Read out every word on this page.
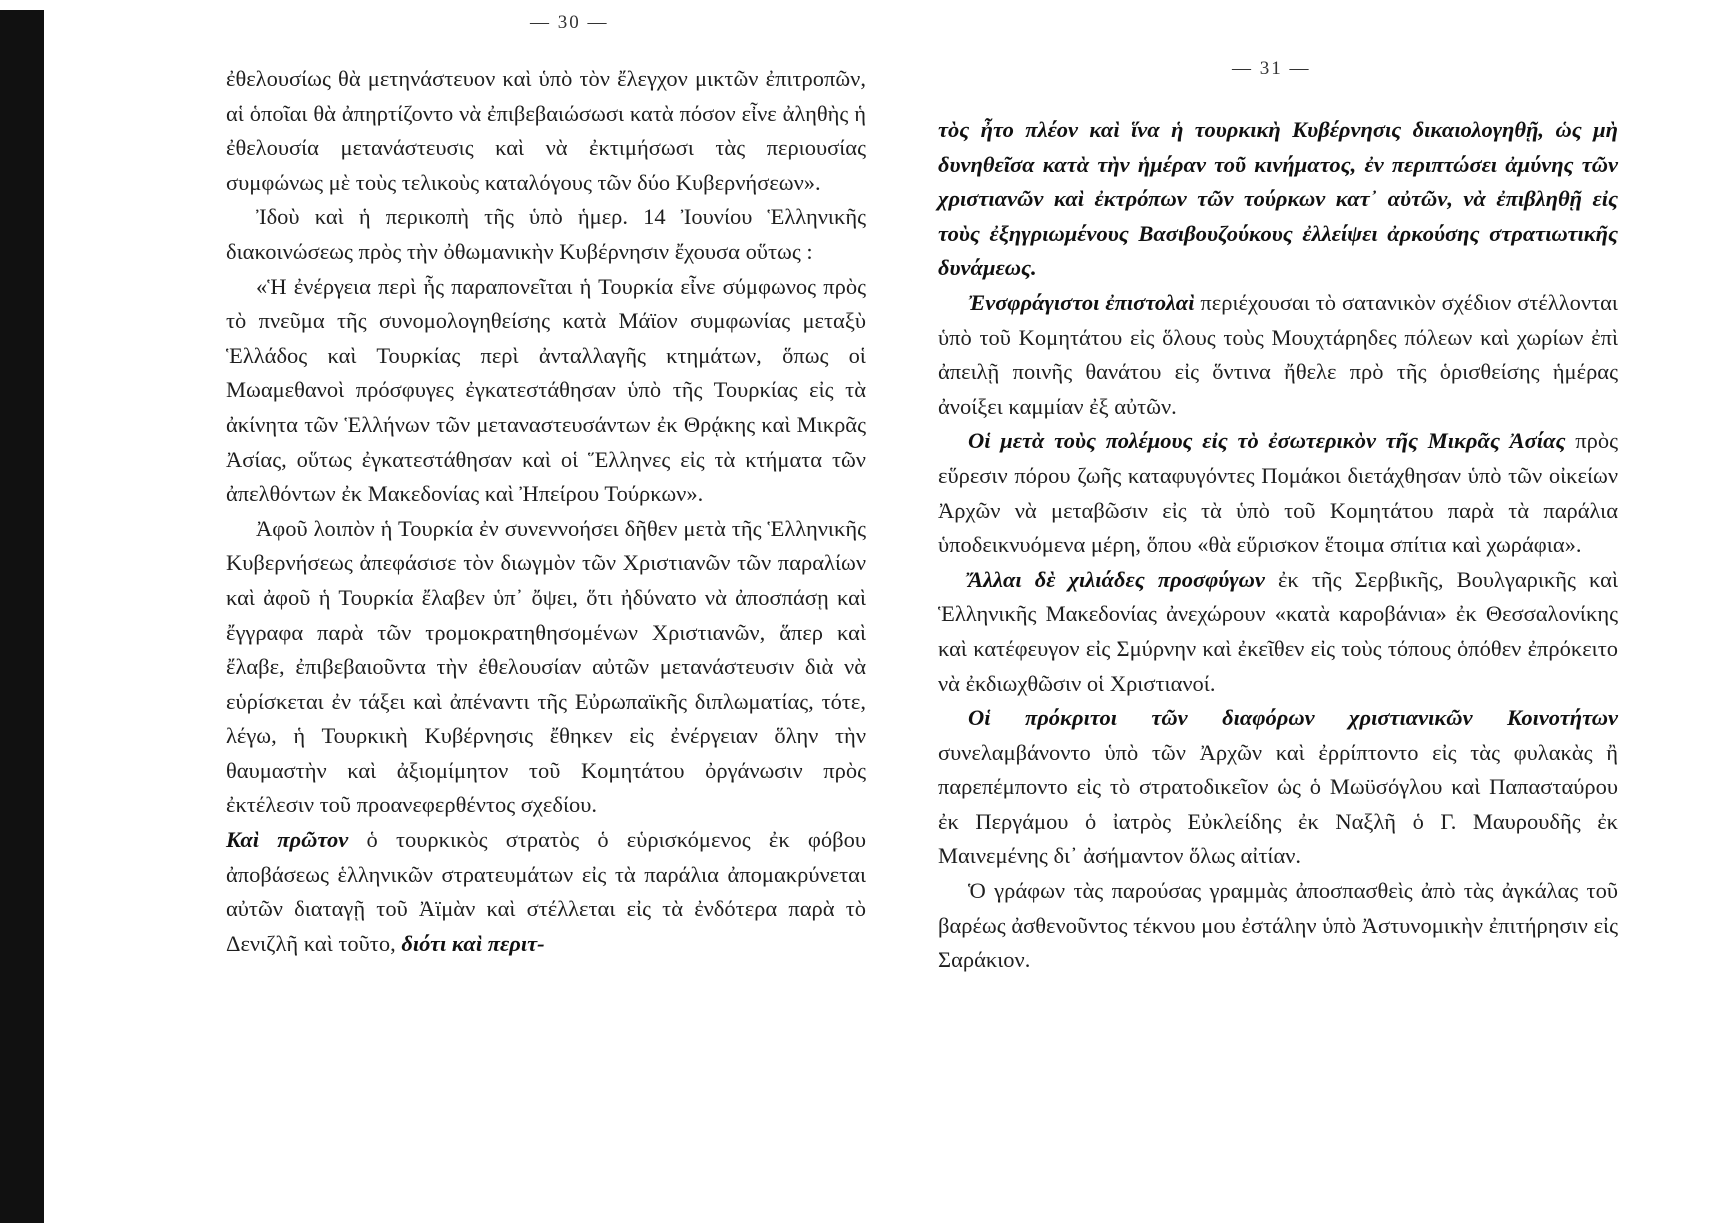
— 30 —
— 31 —

ἐθελουσίως θὰ μετηνάστευον καὶ ὑπὸ τὸν ἔλεγχον μικτῶν ἐπιτροπῶν, αἱ ὁποῖαι θὰ ἀπηρτίζοντο νὰ ἐπιβεβαιώσωσι κατὰ πόσον εἶνε ἀληθὴς ἡ ἐθελουσία μετανάστευσις καὶ νὰ ἐκτιμήσωσι τὰς περιουσίας συμφώνως μὲ τοὺς τελικοὺς καταλόγους τῶν δύο Κυβερνήσεων».

Ἰδοὺ καὶ ἡ περικοπὴ τῆς ὑπὸ ἡμερ. 14 Ἰουνίου Ἑλληνικῆς διακοινώσεως πρὸς τὴν ὀθωμανικὴν Κυβέρνησιν ἔχουσα οὕτως :

«Ἡ ἐνέργεια περὶ ἧς παραπονεῖται ἡ Τουρκία εἶνε σύμφωνος πρὸς τὸ πνεῦμα τῆς συνομολογηθείσης κατὰ Μάϊον συμφωνίας μεταξὺ Ἑλλάδος καὶ Τουρκίας περὶ ἀνταλλαγῆς κτημάτων, ὅπως οἱ Μωαμεθανοὶ πρόσφυγες ἐγκατεστάθησαν ὑπὸ τῆς Τουρκίας εἰς τὰ ἀκίνητα τῶν Ἑλλήνων τῶν μεταναστευσάντων ἐκ Θρᾴκης καὶ Μικρᾶς Ἀσίας, οὕτως ἐγκατεστάθησαν καὶ οἱ Ἕλληνες εἰς τὰ κτήματα τῶν ἀπελθόντων ἐκ Μακεδονίας καὶ Ἠπείρου Τούρκων».

Ἀφοῦ λοιπὸν ἡ Τουρκία ἐν συνεννοήσει δῆθεν μετὰ τῆς Ἑλληνικῆς Κυβερνήσεως ἀπεφάσισε τὸν διωγμὸν τῶν Χριστιανῶν τῶν παραλίων καὶ ἀφοῦ ἡ Τουρκία ἔλαβεν ὑπ᾿ ὄψει, ὅτι ἠδύνατο νὰ ἀποσπάσῃ καὶ ἔγγραφα παρὰ τῶν τρομοκρατηθησομένων Χριστιανῶν, ἅπερ καὶ ἔλαβε, ἐπιβεβαιοῦντα τὴν ἐθελουσίαν αὐτῶν μετανάστευσιν διὰ νὰ εὑρίσκεται ἐν τάξει καὶ ἀπέναντι τῆς Εὐρωπαϊκῆς διπλωματίας, τότε, λέγω, ἡ Τουρκικὴ Κυβέρνησις ἔθηκεν εἰς ἐνέργειαν ὅλην τὴν θαυμαστὴν καὶ ἀξιομίμητον τοῦ Κομητάτου ὀργάνωσιν πρὸς ἐκτέλεσιν τοῦ προανεφερθέντος σχεδίου.

Καὶ πρῶτον ὁ τουρκικὸς στρατὸς ὁ εὑρισκόμενος ἐκ φόβου ἀποβάσεως ἑλληνικῶν στρατευμάτων εἰς τὰ παράλια ἀπομακρύνεται αὐτῶν διαταγῇ τοῦ Ἀϊμὰν καὶ στέλλεται εἰς τὰ ἐνδότερα παρὰ τὸ Δενιζλῆ καὶ τοῦτο, διότι καὶ περιτ-

τὸς ἦτο πλέον καὶ ἵνα ἡ τουρκικὴ Κυβέρνησις δικαιολογηθῇ, ὡς μὴ δυνηθεῖσα κατὰ τὴν ἡμέραν τοῦ κινήματος, ἐν περιπτώσει ἀμύνης τῶν χριστιανῶν καὶ ἐκτρόπων τῶν τούρκων κατ᾿ αὐτῶν, νὰ ἐπιβληθῇ εἰς τοὺς ἐξηγριωμένους Βασιβουζούκους ἐλλείψει ἀρκούσης στρατιωτικῆς δυνάμεως.

Ἐνσφράγιστοι ἐπιστολαὶ περιέχουσαι τὸ σατανικὸν σχέδιον στέλλονται ὑπὸ τοῦ Κομητάτου εἰς ὅλους τοὺς Μουχτάρηδες πόλεων καὶ χωρίων ἐπὶ ἀπειλῇ ποινῆς θανάτου εἰς ὅντινα ἤθελε πρὸ τῆς ὁρισθείσης ἡμέρας ἀνοίξει καμμίαν ἐξ αὐτῶν.

Οἱ μετὰ τοὺς πολέμους εἰς τὸ ἐσωτερικὸν τῆς Μικρᾶς Ἀσίας πρὸς εὕρεσιν πόρου ζωῆς καταφυγόντες Πομάκοι διετάχθησαν ὑπὸ τῶν οἰκείων Ἀρχῶν νὰ μεταβῶσιν εἰς τὰ ὑπὸ τοῦ Κομητάτου παρὰ τὰ παράλια ὑποδεικνυόμενα μέρη, ὅπου «θὰ εὕρισκον ἕτοιμα σπίτια καὶ χωράφια».

Ἄλλαι δὲ χιλιάδες προσφύγων ἐκ τῆς Σερβικῆς, Βουλγαρικῆς καὶ Ἑλληνικῆς Μακεδονίας ἀνεχώρουν «κατὰ καροβάνια» ἐκ Θεσσαλονίκης καὶ κατέφευγον εἰς Σμύρνην καὶ ἐκεῖθεν εἰς τοὺς τόπους ὁπόθεν ἐπρόκειτο νὰ ἐκδιωχθῶσιν οἱ Χριστιανοί.

Οἱ πρόκριτοι τῶν διαφόρων χριστιανικῶν Κοινοτήτων συνελαμβάνοντο ὑπὸ τῶν Ἀρχῶν καὶ ἐρρίπτοντο εἰς τὰς φυλακὰς ἢ παρεπέμποντο εἰς τὸ στρατοδικεῖον ὡς ὁ Μωϋσόγλου καὶ Παπασταύρου ἐκ Περγάμου ὁ ἰατρὸς Εὐκλείδης ἐκ Ναξλῆ ὁ Γ. Μαυρουδῆς ἐκ Μαινεμένης δι᾿ ἀσήμαντον ὅλως αἰτίαν.

Ὁ γράφων τὰς παρούσας γραμμὰς ἀποσπασθεὶς ἀπὸ τὰς ἀγκάλας τοῦ βαρέως ἀσθενοῦντος τέκνου μου ἐστάλην ὑπὸ Ἀστυνομικὴν ἐπιτήρησιν εἰς Σαράκιον.
